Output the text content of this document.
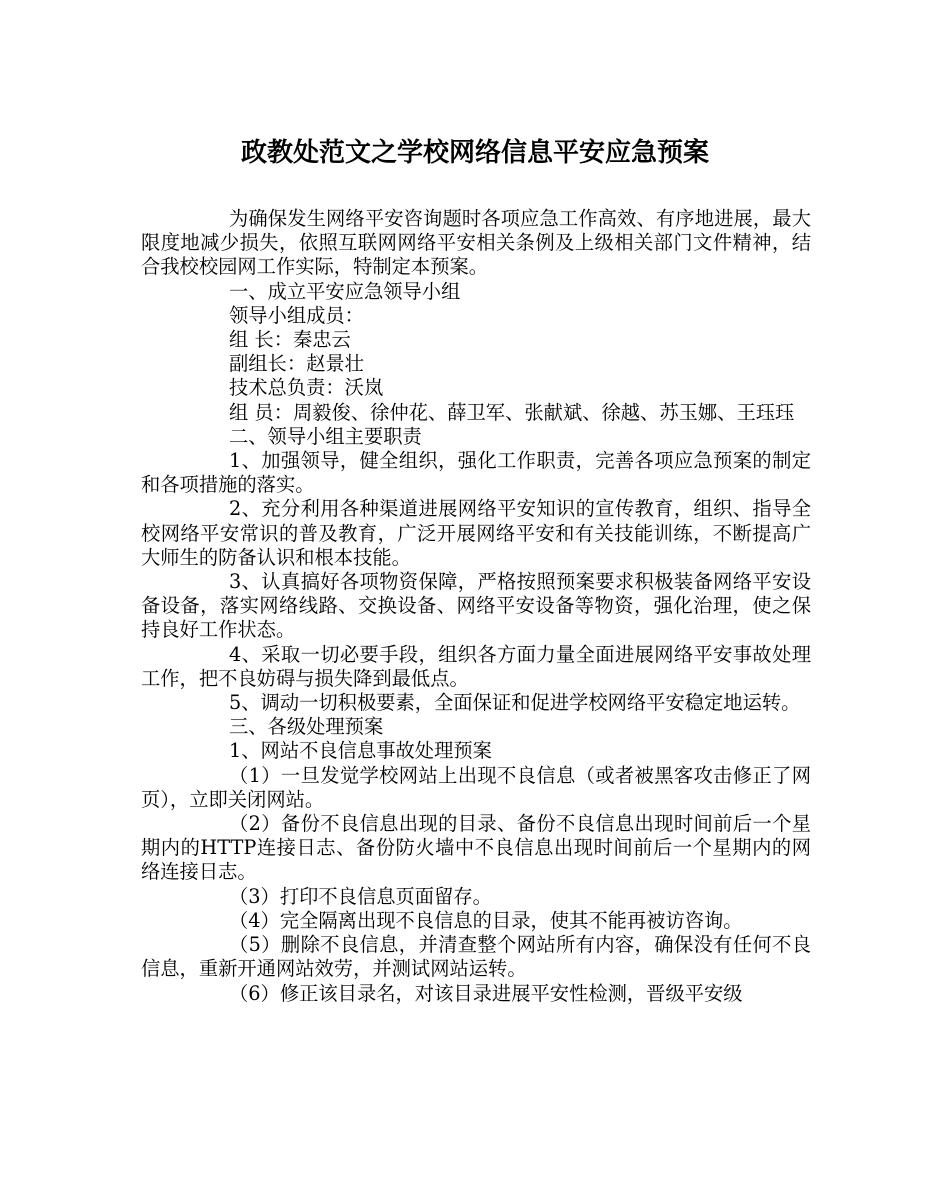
政教处范文之学校网络信息平安应急预案

为确保发生网络平安咨询题时各项应急工作高效、有序地进展，最大限度地减少损失，依照互联网网络平安相关条例及上级相关部门文件精神，结合我校校园网工作实际，特制定本预案。

一、成立平安应急领导小组

领导小组成员：

组 长：秦忠云

副组长：赵景壮

技术总负责：沃岚

组 员：周毅俊、徐仲花、薛卫军、张献斌、徐越、苏玉娜、王珏珏

二、领导小组主要职责

1、加强领导，健全组织，强化工作职责，完善各项应急预案的制定和各项措施的落实。

2、充分利用各种渠道进展网络平安知识的宣传教育，组织、指导全校网络平安常识的普及教育，广泛开展网络平安和有关技能训练，不断提高广大师生的防备认识和根本技能。

3、认真搞好各项物资保障，严格按照预案要求积极装备网络平安设备设备，落实网络线路、交换设备、网络平安设备等物资，强化治理，使之保持良好工作状态。

4、采取一切必要手段，组织各方面力量全面进展网络平安事故处理工作，把不良妨碍与损失降到最低点。

5、调动一切积极要素，全面保证和促进学校网络平安稳定地运转。

三、各级处理预案

1、网站不良信息事故处理预案

（1）一旦发觉学校网站上出现不良信息（或者被黑客攻击修正了网页），立即关闭网站。

（2）备份不良信息出现的目录、备份不良信息出现时间前后一个星期内的HTTP连接日志、备份防火墙中不良信息出现时间前后一个星期内的网络连接日志。

（3）打印不良信息页面留存。

（4）完全隔离出现不良信息的目录，使其不能再被访咨询。

（5）删除不良信息，并清查整个网站所有内容，确保没有任何不良信息，重新开通网站效劳，并测试网站运转。

（6）修正该目录名，对该目录进展平安性检测，晋级平安级
